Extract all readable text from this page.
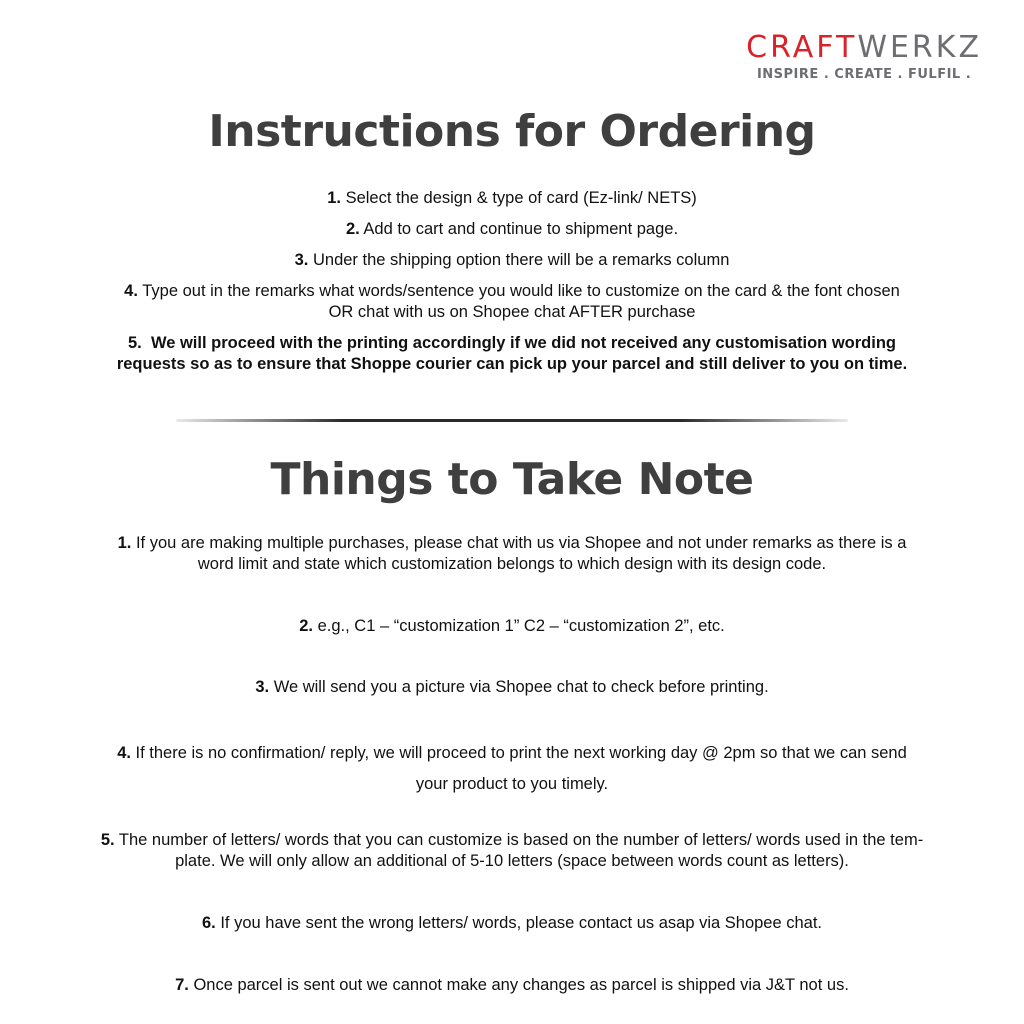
CRAFTWERKZ
INSPIRE . CREATE . FULFIL .
Instructions for Ordering
1. Select the design & type of card (Ez-link/ NETS)
2. Add to cart and continue to shipment page.
3. Under the shipping option there will be a remarks column
4. Type out in the remarks what words/sentence you would like to customize on the card & the font chosen
OR chat with us on Shopee chat AFTER purchase
5. We will proceed with the printing accordingly if we did not received any customisation wording
requests so as to ensure that Shoppe courier can pick up your parcel and still deliver to you on time.
Things to Take Note
1. If you are making multiple purchases, please chat with us via Shopee and not under remarks as there is a
word limit and state which customization belongs to which design with its design code.
2. e.g., C1 – “customization 1” C2 – “customization 2”, etc.
3. We will send you a picture via Shopee chat to check before printing.
4. If there is no confirmation/ reply, we will proceed to print the next working day @ 2pm so that we can send
your product to you timely.
5. The number of letters/ words that you can customize is based on the number of letters/ words used in the tem-
plate. We will only allow an additional of 5-10 letters (space between words count as letters).
6. If you have sent the wrong letters/ words, please contact us asap via Shopee chat.
7. Once parcel is sent out we cannot make any changes as parcel is shipped via J&T not us.
